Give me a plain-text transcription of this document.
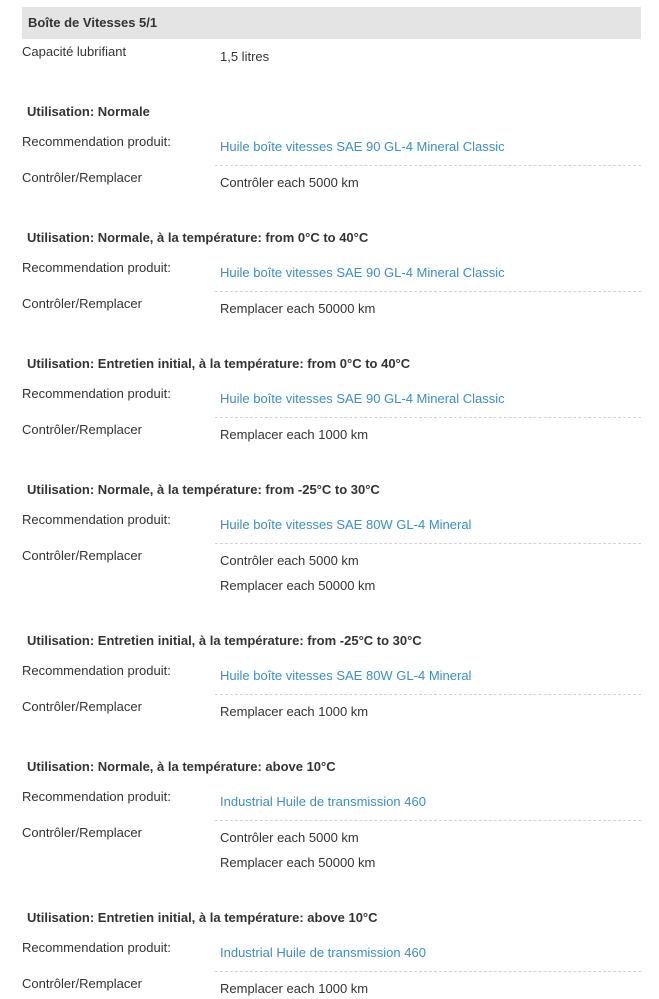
Boîte de Vitesses 5/1
Capacité lubrifiant	1,5 litres
Utilisation: Normale
Recommendation produit:	Huile boîte vitesses SAE 90 GL-4 Mineral Classic
Contrôler/Remplacer	Contrôler each 5000 km
Utilisation: Normale, à la température: from 0°C to 40°C
Recommendation produit:	Huile boîte vitesses SAE 90 GL-4 Mineral Classic
Contrôler/Remplacer	Remplacer each 50000 km
Utilisation: Entretien initial, à la température: from 0°C to 40°C
Recommendation produit:	Huile boîte vitesses SAE 90 GL-4 Mineral Classic
Contrôler/Remplacer	Remplacer each 1000 km
Utilisation: Normale, à la température: from -25°C to 30°C
Recommendation produit:	Huile boîte vitesses SAE 80W GL-4 Mineral
Contrôler/Remplacer	Contrôler each 5000 km
Remplacer each 50000 km
Utilisation: Entretien initial, à la température: from -25°C to 30°C
Recommendation produit:	Huile boîte vitesses SAE 80W GL-4 Mineral
Contrôler/Remplacer	Remplacer each 1000 km
Utilisation: Normale, à la température: above 10°C
Recommendation produit:	Industrial Huile de transmission 460
Contrôler/Remplacer	Contrôler each 5000 km
Remplacer each 50000 km
Utilisation: Entretien initial, à la température: above 10°C
Recommendation produit:	Industrial Huile de transmission 460
Contrôler/Remplacer	Remplacer each 1000 km
